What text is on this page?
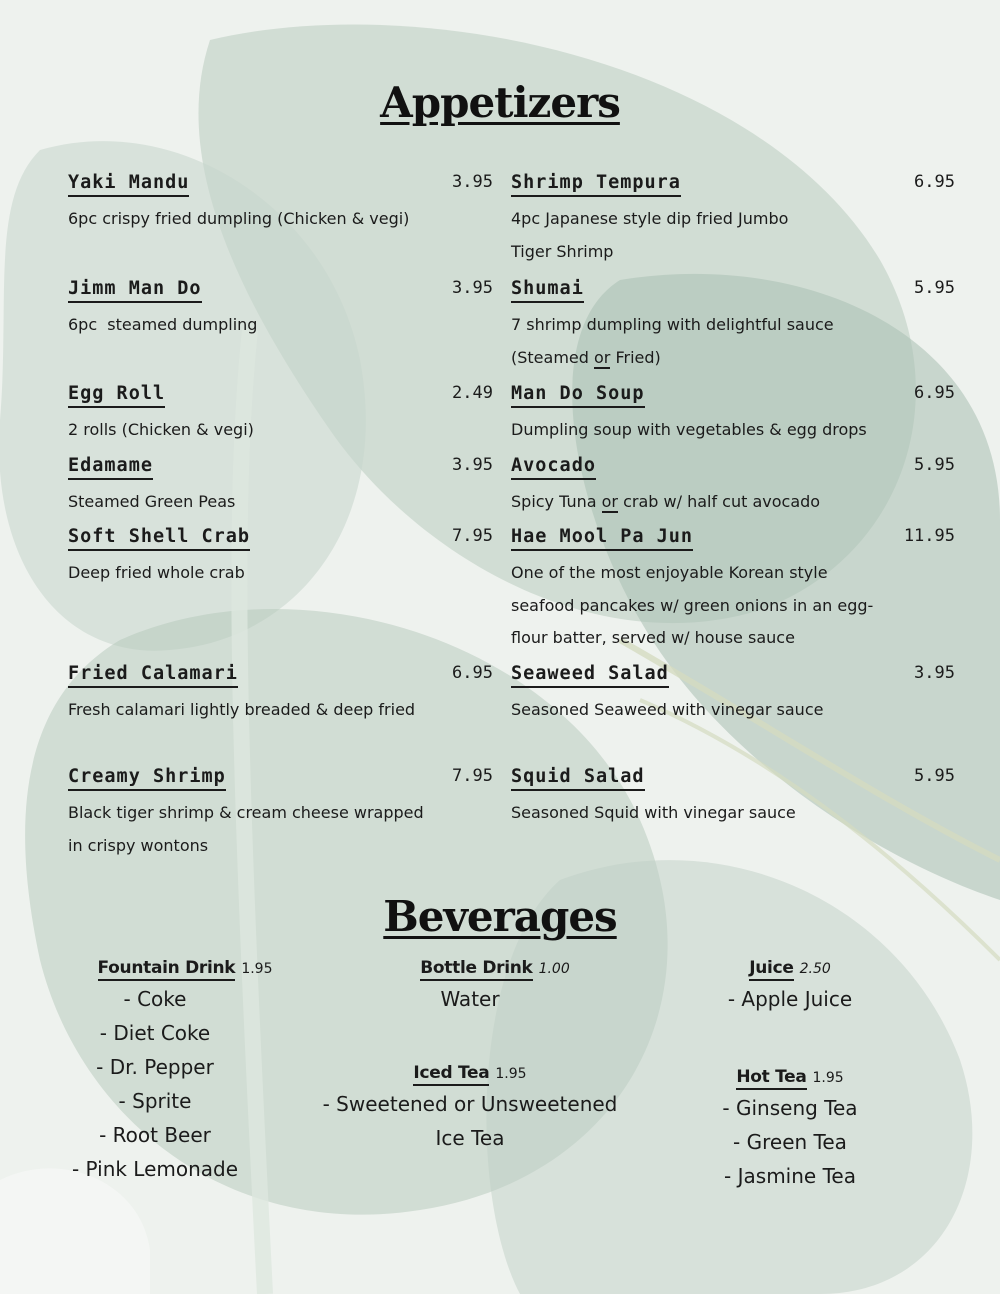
Appetizers
Yaki Mandu	3.95
6pc crispy fried dumpling (Chicken & vegi)
Jimm Man Do	3.95
6pc  steamed dumpling
Egg Roll	2.49
2 rolls (Chicken & vegi)
Edamame	3.95
Steamed Green Peas
Soft Shell Crab	7.95
Deep fried whole crab
Fried Calamari	6.95
Fresh calamari lightly breaded & deep fried
Creamy Shrimp	7.95
Black tiger shrimp & cream cheese wrapped
in crispy wontons
Shrimp Tempura	6.95
4pc Japanese style dip fried Jumbo
Tiger Shrimp
Shumai	5.95
7 shrimp dumpling with delightful sauce
(Steamed or Fried)
Man Do Soup	6.95
Dumpling soup with vegetables & egg drops
Avocado	5.95
Spicy Tuna or crab w/ half cut avocado
Hae Mool Pa Jun	11.95
One of the most enjoyable Korean style
seafood pancakes w/ green onions in an egg-
flour batter, served w/ house sauce
Seaweed Salad	3.95
Seasoned Seaweed with vinegar sauce
Squid Salad	5.95
Seasoned Squid with vinegar sauce
Beverages
Fountain Drink 1.95
- Coke
- Diet Coke
- Dr. Pepper
- Sprite
- Root Beer
- Pink Lemonade
Bottle Drink 1.00
Water
Iced Tea 1.95
- Sweetened or Unsweetened
Ice Tea
Juice 2.50
- Apple Juice
Hot Tea 1.95
- Ginseng Tea
- Green Tea
- Jasmine Tea
